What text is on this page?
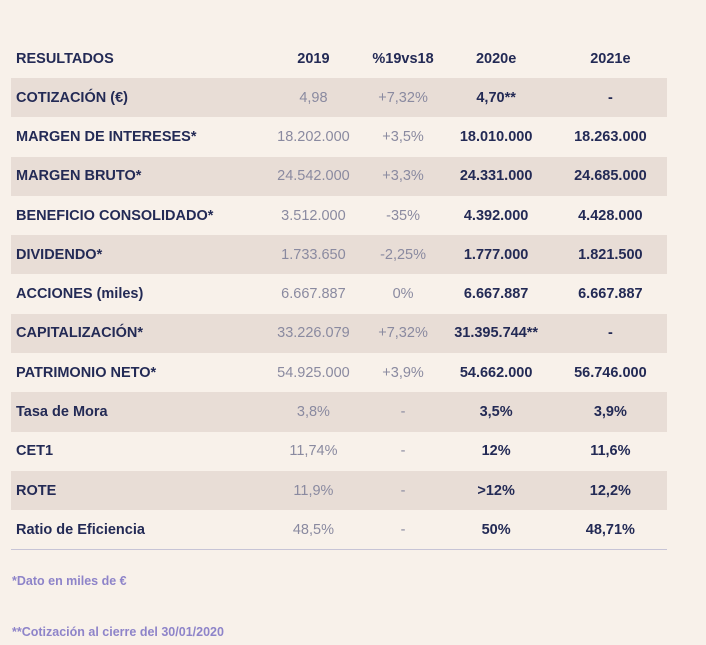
RESULTADOS	2019	%19vs18	2020e	2021e
COTIZACIÓN (€)	4,98	+7,32%	4,70**	-
MARGEN DE INTERESES*	18.202.000	+3,5%	18.010.000	18.263.000
MARGEN BRUTO*	24.542.000	+3,3%	24.331.000	24.685.000
BENEFICIO CONSOLIDADO*	3.512.000	-35%	4.392.000	4.428.000
DIVIDENDO*	1.733.650	-2,25%	1.777.000	1.821.500
ACCIONES (miles)	6.667.887	0%	6.667.887	6.667.887
CAPITALIZACIÓN*	33.226.079	+7,32%	31.395.744**	-
PATRIMONIO NETO*	54.925.000	+3,9%	54.662.000	56.746.000
Tasa de Mora	3,8%	-	3,5%	3,9%
CET1	11,74%	-	12%	11,6%
ROTE	11,9%	-	>12%	12,2%
Ratio de Eficiencia	48,5%	-	50%	48,71%
*Dato en miles de €
**Cotización al cierre del 30/01/2020
